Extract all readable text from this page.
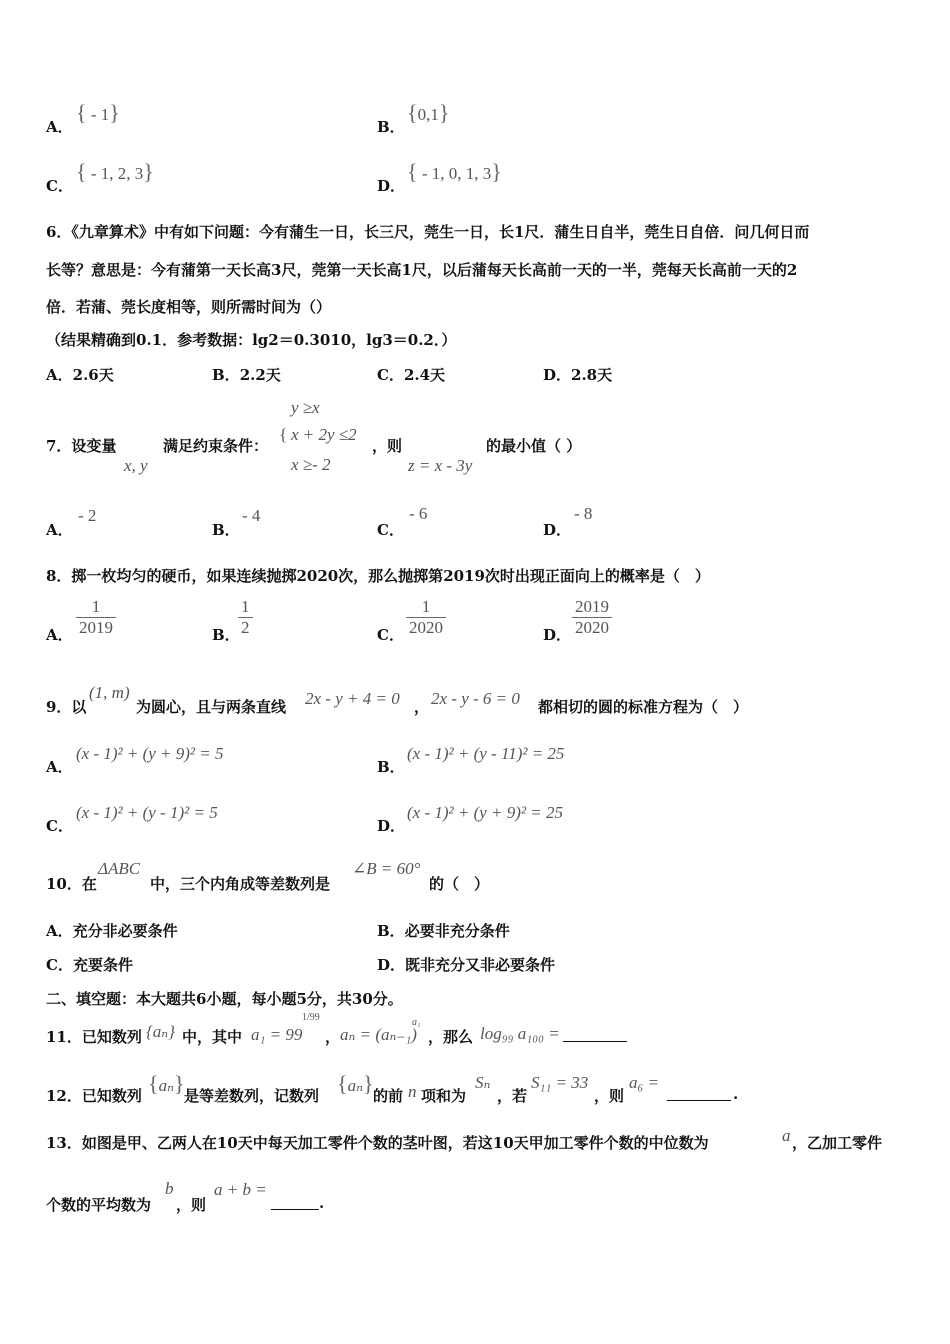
A．
{ - 1}
B．
{0,1}
C．
{ - 1, 2, 3}
D．
{ - 1, 0, 1, 3}
6．《九章算术》中有如下问题：今有蒲生一日，长三尺，莞生一日，长1尺．蒲生日自半，莞生日自倍．问几何日而
长等？意思是：今有蒲第一天长高3尺，莞第一天长高1尺，以后蒲每天长高前一天的一半，莞每天长高前一天的2
倍．若蒲、莞长度相等，则所需时间为（）
（结果精确到0.1．参考数据：lg2＝0.3010，lg3＝0.2．）
A．2.6天	B．2.2天	C．2.4天	D．2.8天
7．设变量
x, y
满足约束条件：
y ≥x
{ x + 2y ≤2
x ≥- 2
，则
z = x - 3y
的最小值（ ）
A．
- 2
B．
- 4
C．
- 6
D．
- 8
8．掷一枚均匀的硬币，如果连续抛掷2020次，那么抛掷第2019次时出现正面向上的概率是（　）
A． $\frac{1}{2019}$	B．
$\frac{1}{2}$	C． $\frac{1}{2020}$	D． $\frac{2019}{2020}$
9．以
(1, m)
为圆心，且与两条直线 2x - y + 4 = 0 ， 2x - y - 6 = 0 都相切的圆的标准方程为（　）
A．
(x - 1)² + (y + 9)² = 5
B．
(x - 1)² + (y - 11)² = 25
C．
(x - 1)² + (y - 1)² = 5
D．
(x - 1)² + (y + 9)² = 25
10．在
ΔABC
中，三个内角成等差数列是
∠B = 60°
的（　）
A．充分非必要条件	B．必要非充分条件
C．充要条件	D．既非充分又非必要条件
二、填空题：本大题共6小题，每小题5分，共30分。
11．已知数列 {aₙ} 中，其中 a₁ = 99
1/99
， aₙ = (aₙ₋₁)
a₁
，那么 log₉₉ a₁₀₀ =
12．已知数列 {aₙ} 是等差数列，记数列 {aₙ} 的前 n 项和为
Sₙ
，若
S₁₁ = 33
，则
a₆ =
.
13．如图是甲、乙两人在10天中每天加工零件个数的茎叶图，若这10天甲加工零件个数的中位数为	a ，乙加工零件
个数的平均数为
b
，则
a + b =
.
